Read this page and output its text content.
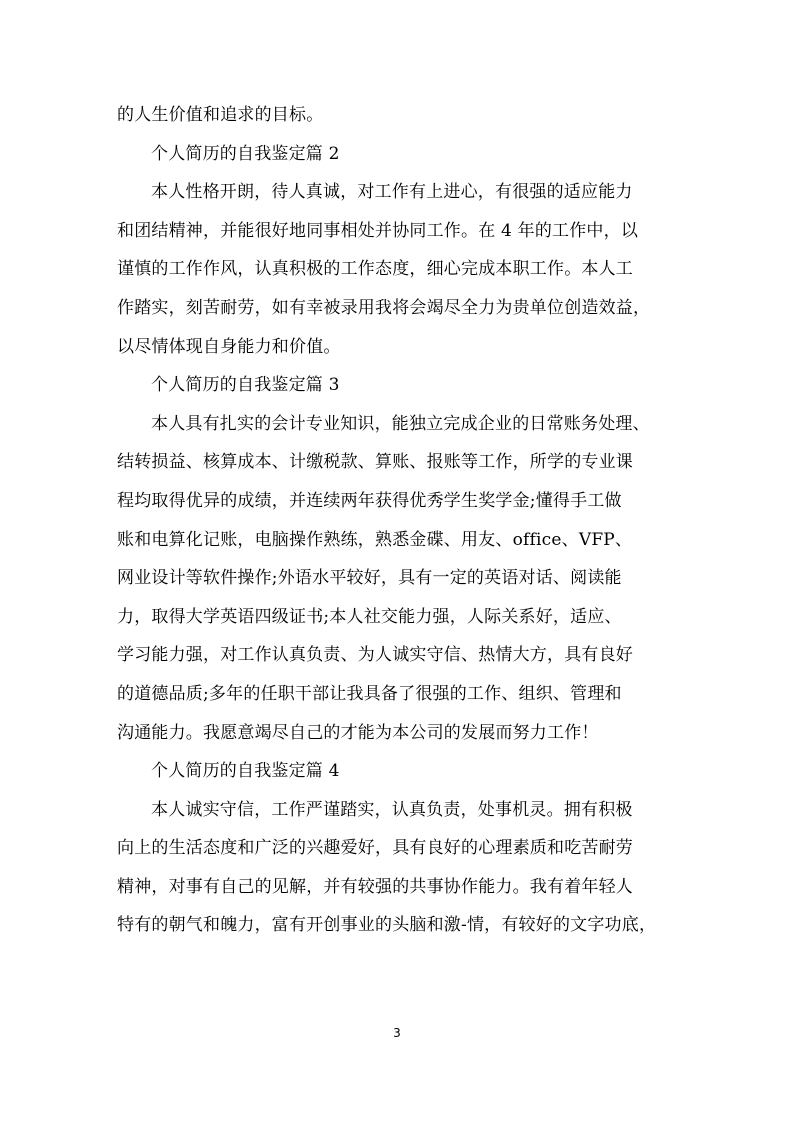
的人生价值和追求的目标。
个人简历的自我鉴定篇 2
本人性格开朗，待人真诚，对工作有上进心，有很强的适应能力
和团结精神，并能很好地同事相处并协同工作。在 4 年的工作中，以
谨慎的工作作风，认真积极的工作态度，细心完成本职工作。本人工
作踏实，刻苦耐劳，如有幸被录用我将会竭尽全力为贵单位创造效益，
以尽情体现自身能力和价值。
个人简历的自我鉴定篇 3
本人具有扎实的会计专业知识，能独立完成企业的日常账务处理、
结转损益、核算成本、计缴税款、算账、报账等工作，所学的专业课
程均取得优异的成绩，并连续两年获得优秀学生奖学金;懂得手工做
账和电算化记账，电脑操作熟练，熟悉金碟、用友、office、VFP、
网业设计等软件操作;外语水平较好，具有一定的英语对话、阅读能
力，取得大学英语四级证书;本人社交能力强，人际关系好，适应、
学习能力强，对工作认真负责、为人诚实守信、热情大方，具有良好
的道德品质;多年的任职干部让我具备了很强的工作、组织、管理和
沟通能力。我愿意竭尽自己的才能为本公司的发展而努力工作！
个人简历的自我鉴定篇 4
本人诚实守信，工作严谨踏实，认真负责，处事机灵。拥有积极
向上的生活态度和广泛的兴趣爱好，具有良好的心理素质和吃苦耐劳
精神，对事有自己的见解，并有较强的共事协作能力。我有着年轻人
特有的朝气和魄力，富有开创事业的头脑和激-情，有较好的文字功底，
3
